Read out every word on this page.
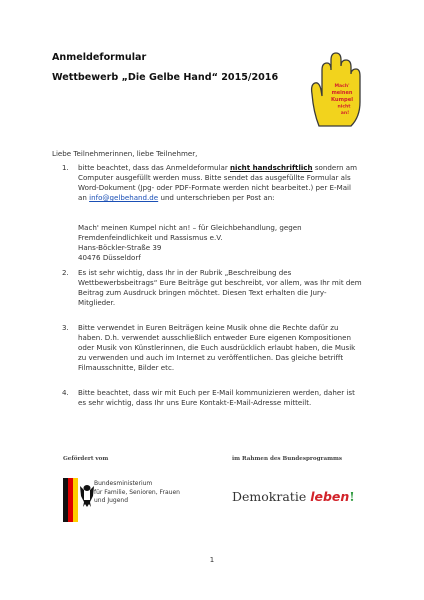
Anmeldeformular
Wettbewerb „Die Gelbe Hand“ 2015/2016
Mach'
meinen
Kumpel
nicht
an!
Liebe Teilnehmerinnen, liebe Teilnehmer,
1. bitte beachtet, dass das Anmeldeformular nicht handschriftlich sondern am Computer ausgefüllt werden muss. Bitte sendet das ausgefüllte Formular als Word-Dokument (Jpg- oder PDF-Formate werden nicht bearbeitet.) per E-Mail an info@gelbehand.de und unterschrieben per Post an:
Mach' meinen Kumpel nicht an! – für Gleichbehandlung, gegen Fremdenfeindlichkeit und Rassismus e.V.
Hans-Böckler-Straße 39
40476 Düsseldorf
2. Es ist sehr wichtig, dass Ihr in der Rubrik „Beschreibung des Wettbewerbsbeitrags“ Eure Beiträge gut beschreibt, vor allem, was Ihr mit dem Beitrag zum Ausdruck bringen möchtet. Diesen Text erhalten die Jury-Mitglieder.
3. Bitte verwendet in Euren Beiträgen keine Musik ohne die Rechte dafür zu haben. D.h. verwendet ausschließlich entweder Eure eigenen Kompositionen oder Musik von Künstlerinnen, die Euch ausdrücklich erlaubt haben, die Musik zu verwenden und auch im Internet zu veröffentlichen. Das gleiche betrifft Filmausschnitte, Bilder etc.
4. Bitte beachtet, dass wir mit Euch per E-Mail kommunizieren werden, daher ist es sehr wichtig, dass Ihr uns Eure Kontakt-E-Mail-Adresse mitteilt.
Gefördert vom	im Rahmen des Bundesprogramms
Bundesministerium
für Familie, Senioren, Frauen
und Jugend	Demokratie leben!
1
